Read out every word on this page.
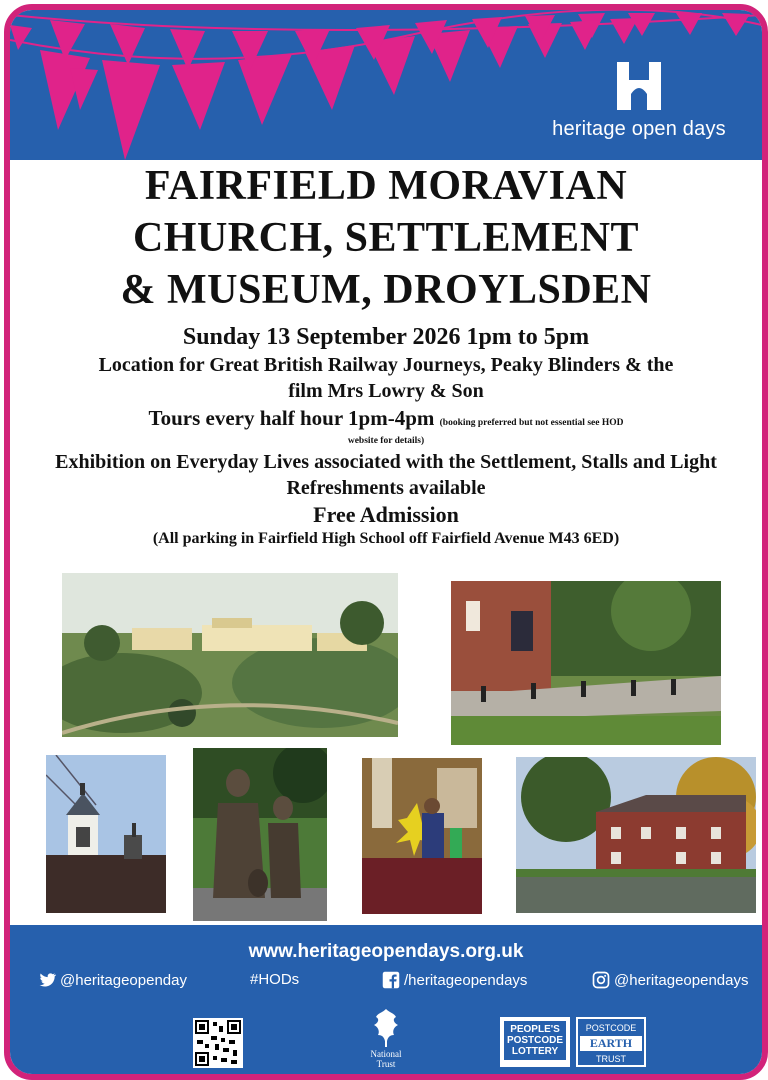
heritage open days
FAIRFIELD MORAVIAN
CHURCH, SETTLEMENT
& MUSEUM, DROYLSDEN
Sunday 13 September 2026 1pm to 5pm
Location for Great British Railway Journeys, Peaky Blinders & the film Mrs Lowry & Son
Tours every half hour 1pm-4pm (booking preferred but not essential see HOD
website for details)
Exhibition on Everyday Lives associated with the Settlement, Stalls and Light Refreshments available
Free Admission
(All parking in Fairfield High School off Fairfield Avenue M43 6ED)
www.heritageopendays.org.uk
@heritageopenday	#HODs	/heritageopendays	@heritageopendays
National
Trust
PEOPLE'S
POSTCODE
LOTTERY
POSTCODE
EARTH
TRUST
